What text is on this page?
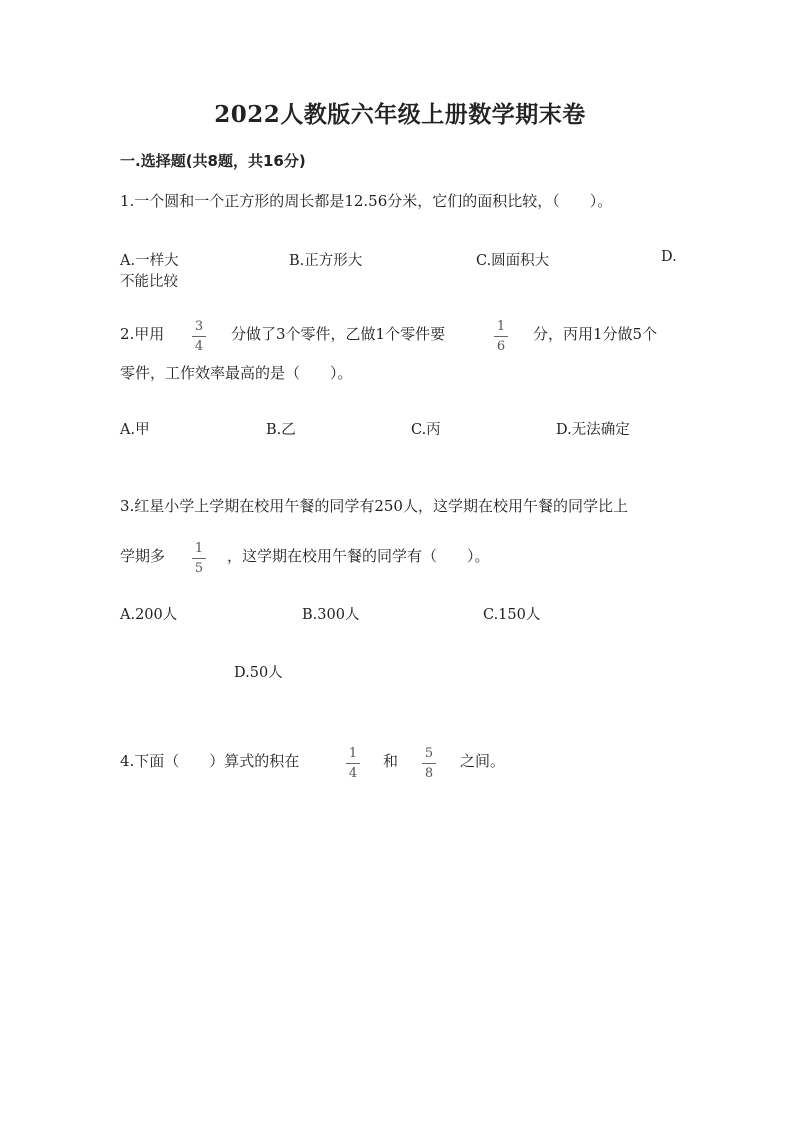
2022人教版六年级上册数学期末卷
一.选择题(共8题，共16分)
1.一个圆和一个正方形的周长都是12.56分米，它们的面积比较，（　　）。
A.一样大	B.正方形大	C.圆面积大	D.
不能比较
2.甲用	3
4
分做了3个零件，乙做1个零件要	1
6
分，丙用1分做5个
零件，工作效率最高的是（　　）。
A.甲	B.乙	C.丙	D.无法确定
3.红星小学上学期在校用午餐的同学有250人，这学期在校用午餐的同学比上
学期多	1
5
，这学期在校用午餐的同学有（　　）。
A.200人	B.300人	C.150人
D.50人
4.下面（　　）算式的积在	1
4
和	5
8
之间。
